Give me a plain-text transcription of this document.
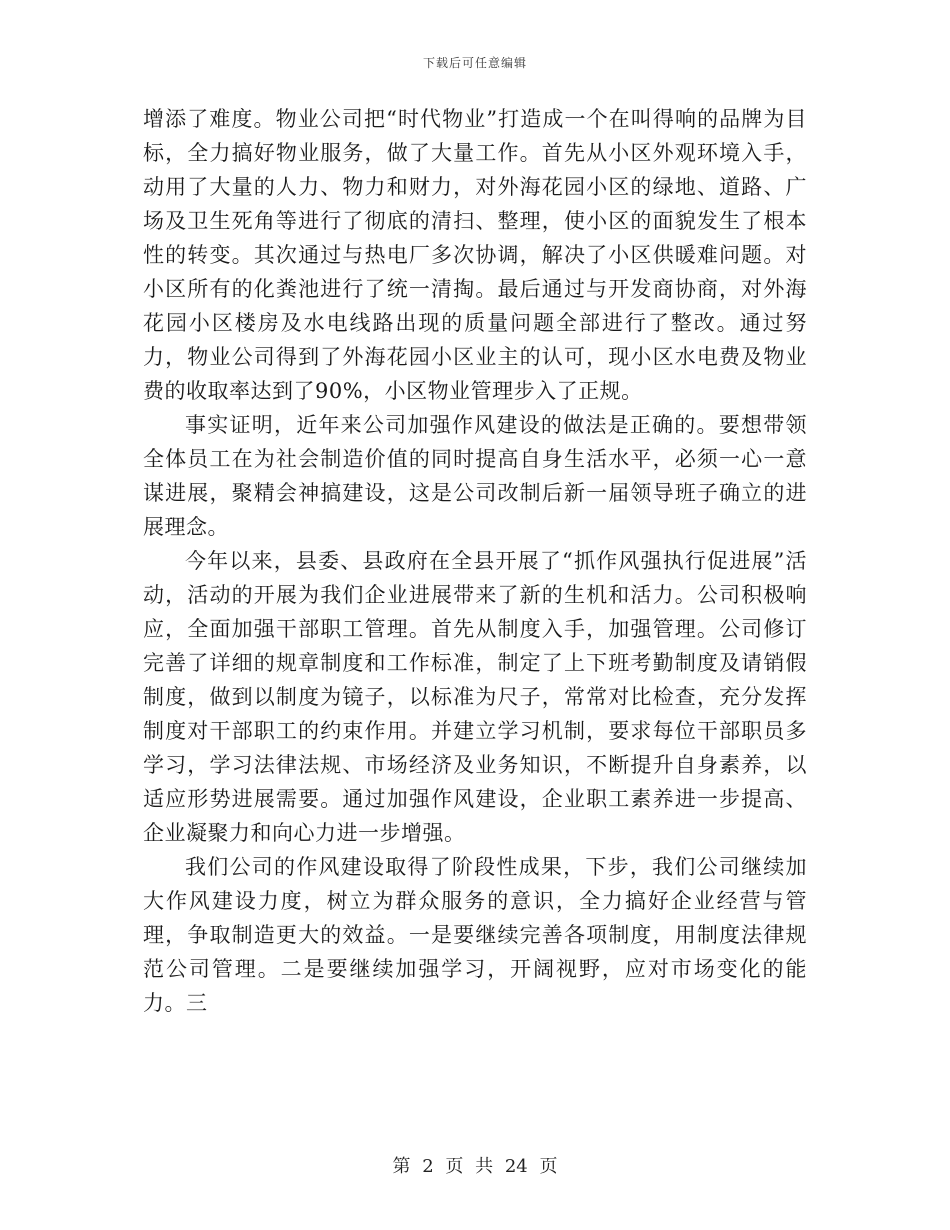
下载后可任意编辑

增添了难度。物业公司把“时代物业”打造成一个在叫得响的品牌为目标，全力搞好物业服务，做了大量工作。首先从小区外观环境入手，动用了大量的人力、物力和财力，对外海花园小区的绿地、道路、广场及卫生死角等进行了彻底的清扫、整理，使小区的面貌发生了根本性的转变。其次通过与热电厂多次协调，解决了小区供暖难问题。对小区所有的化粪池进行了统一清掏。最后通过与开发商协商，对外海花园小区楼房及水电线路出现的质量问题全部进行了整改。通过努力，物业公司得到了外海花园小区业主的认可，现小区水电费及物业费的收取率达到了90%，小区物业管理步入了正规。

事实证明，近年来公司加强作风建设的做法是正确的。要想带领全体员工在为社会制造价值的同时提高自身生活水平，必须一心一意谋进展，聚精会神搞建设，这是公司改制后新一届领导班子确立的进展理念。

今年以来，县委、县政府在全县开展了“抓作风强执行促进展”活动，活动的开展为我们企业进展带来了新的生机和活力。公司积极响应，全面加强干部职工管理。首先从制度入手，加强管理。公司修订完善了详细的规章制度和工作标准，制定了上下班考勤制度及请销假制度，做到以制度为镜子，以标准为尺子，常常对比检查，充分发挥制度对干部职工的约束作用。并建立学习机制，要求每位干部职员多学习，学习法律法规、市场经济及业务知识，不断提升自身素养，以适应形势进展需要。通过加强作风建设，企业职工素养进一步提高、企业凝聚力和向心力进一步增强。

我们公司的作风建设取得了阶段性成果，下步，我们公司继续加大作风建设力度，树立为群众服务的意识，全力搞好企业经营与管理，争取制造更大的效益。一是要继续完善各项制度，用制度法律规范公司管理。二是要继续加强学习，开阔视野，应对市场变化的能力。三

第 2 页 共 24 页
